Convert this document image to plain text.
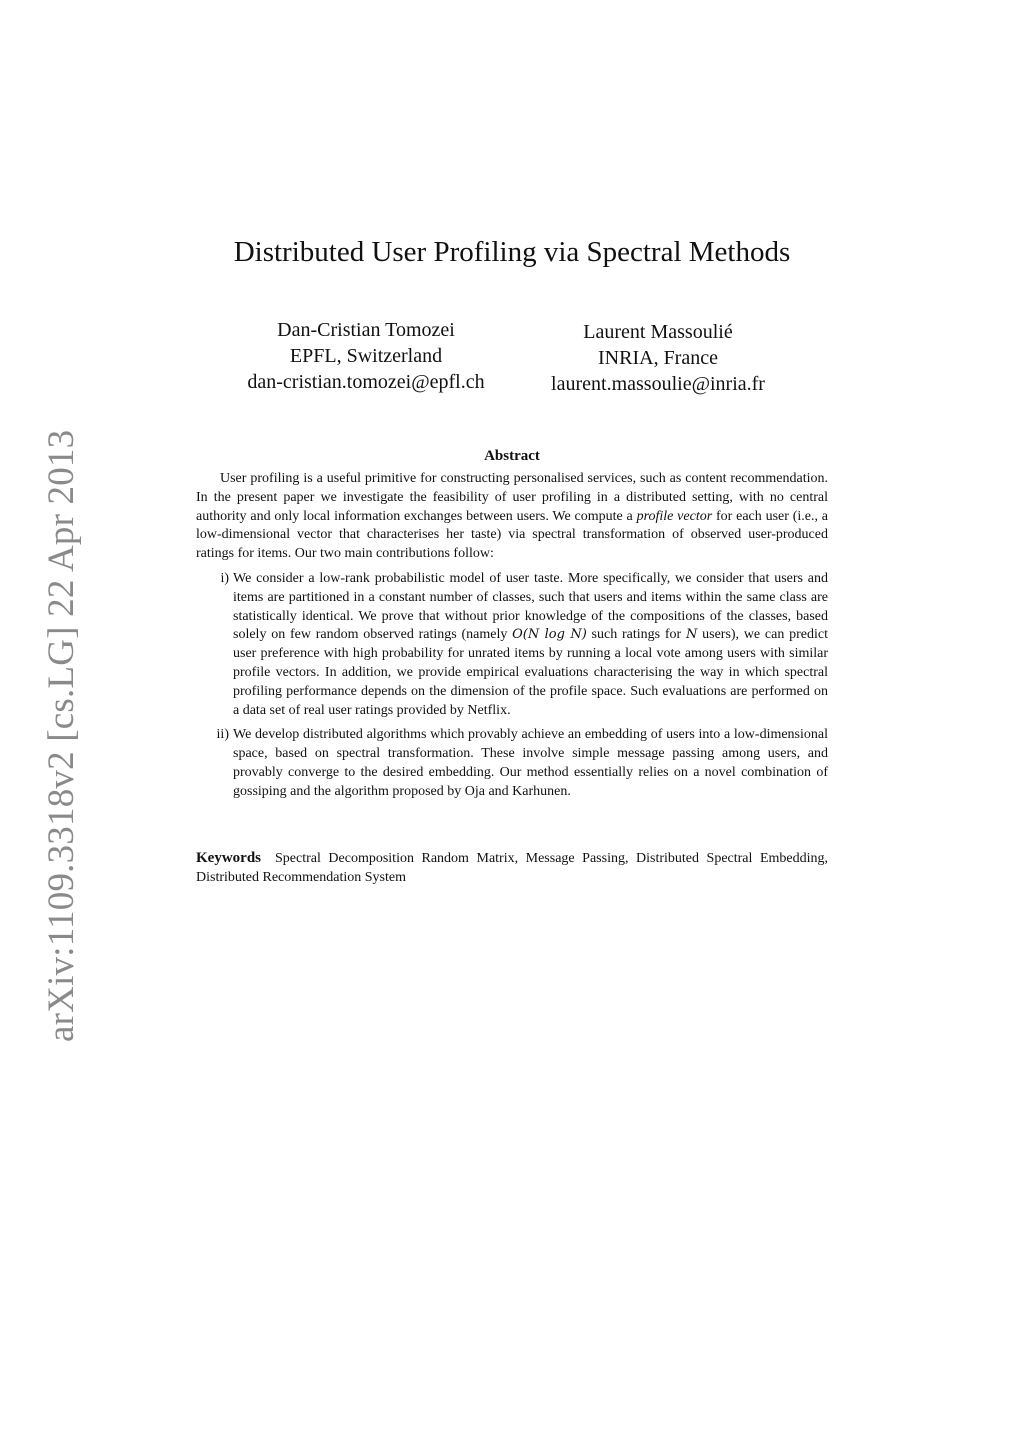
arXiv:1109.3318v2 [cs.LG] 22 Apr 2013
Distributed User Profiling via Spectral Methods
Dan-Cristian Tomozei
EPFL, Switzerland
dan-cristian.tomozei@epfl.ch
Laurent Massoulié
INRIA, France
laurent.massoulie@inria.fr
Abstract

User profiling is a useful primitive for constructing personalised services, such as content recommendation. In the present paper we investigate the feasibility of user profiling in a distributed setting, with no central authority and only local information exchanges between users. We compute a profile vector for each user (i.e., a low-dimensional vector that characterises her taste) via spectral transformation of observed user-produced ratings for items. Our two main contributions follow:

i) We consider a low-rank probabilistic model of user taste. More specifically, we consider that users and items are partitioned in a constant number of classes, such that users and items within the same class are statistically identical. We prove that without prior knowledge of the compositions of the classes, based solely on few random observed ratings (namely O(N log N) such ratings for N users), we can predict user preference with high probability for unrated items by running a local vote among users with similar profile vectors. In addition, we provide empirical evaluations characterising the way in which spectral profiling performance depends on the dimension of the profile space. Such evaluations are performed on a data set of real user ratings provided by Netflix.
ii) We develop distributed algorithms which provably achieve an embedding of users into a low-dimensional space, based on spectral transformation. These involve simple message passing among users, and provably converge to the desired embedding. Our method essentially relies on a novel combination of gossiping and the algorithm proposed by Oja and Karhunen.
Keywords Spectral Decomposition Random Matrix, Message Passing, Distributed Spectral Embedding, Distributed Recommendation System
